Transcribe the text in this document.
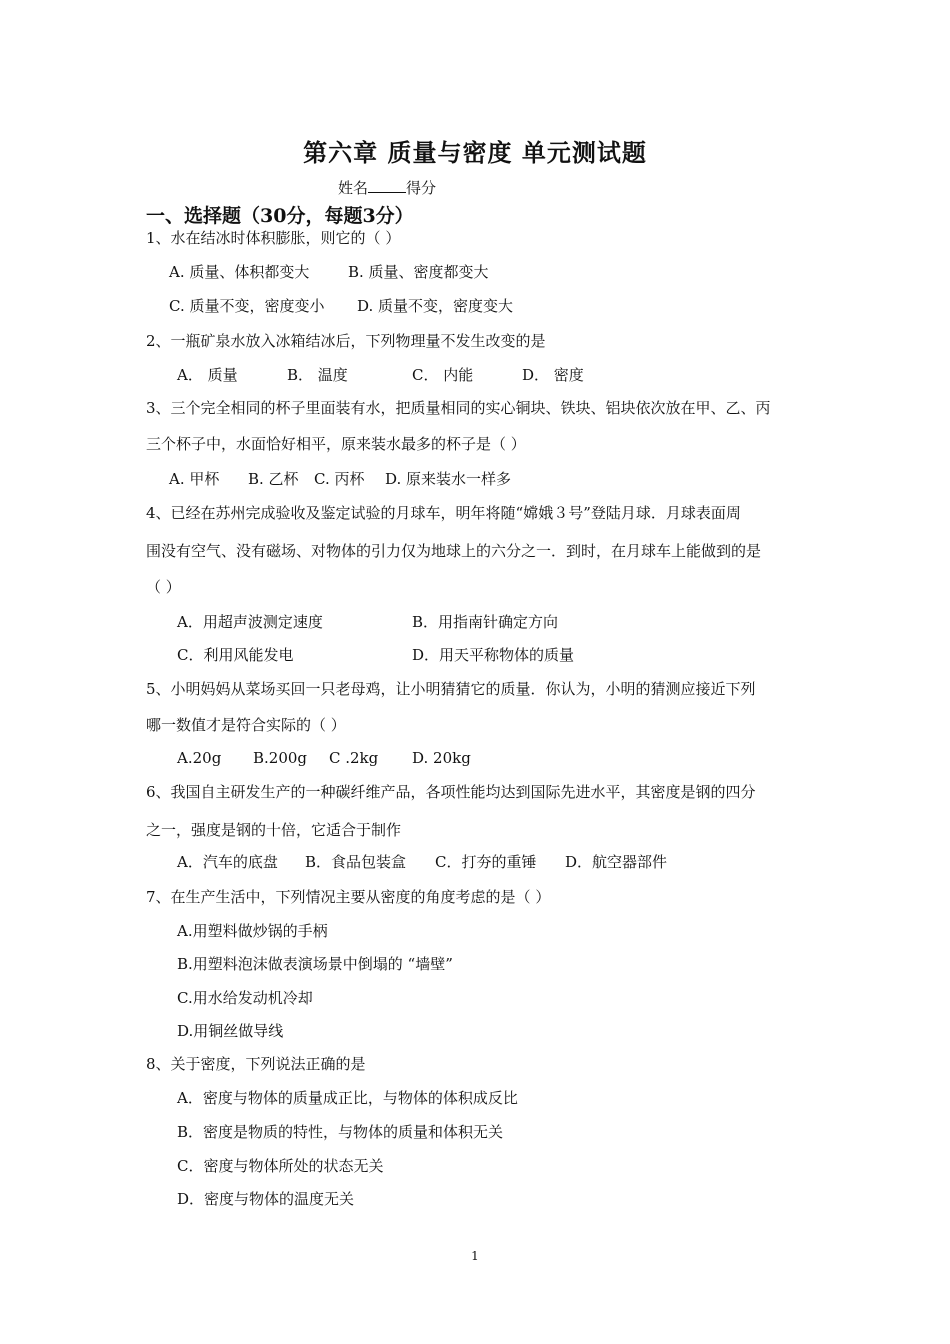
第六章 质量与密度 单元测试题
姓名	得分
一、选择题（30分，每题3分）
1、水在结冰时体积膨胀，则它的（ ）
A. 质量、体积都变大	B. 质量、密度都变大
C. 质量不变，密度变小 D. 质量不变，密度变大
2、一瓶矿泉水放入冰箱结冰后，下列物理量不发生改变的是
A． 质量	B． 温度	C． 内能	D． 密度
3、三个完全相同的杯子里面装有水，把质量相同的实心铜块、铁块、铝块依次放在甲、乙、丙
三个杯子中，水面恰好相平，原来装水最多的杯子是（ ）
A. 甲杯 B. 乙杯 C. 丙杯 D. 原来装水一样多
4、已经在苏州完成验收及鉴定试验的月球车，明年将随“嫦娥３号”登陆月球．月球表面周
围没有空气、没有磁场、对物体的引力仅为地球上的六分之一．到时，在月球车上能做到的是
（ ）
A．用超声波测定速度	B．用指南针确定方向
C．利用风能发电	D．用天平称物体的质量
5、小明妈妈从菜场买回一只老母鸡，让小明猜猜它的质量．你认为，小明的猜测应接近下列
哪一数值才是符合实际的（ ）
A.20g B.200g C .2kg D. 20kg
6、我国自主研发生产的一种碳纤维产品，各项性能均达到国际先进水平，其密度是钢的四分
之一，强度是钢的十倍，它适合于制作
A．汽车的底盘 B．食品包装盒 C．打夯的重锤 D．航空器部件
7、在生产生活中，下列情况主要从密度的角度考虑的是（ ）
A.用塑料做炒锅的手柄
B.用塑料泡沫做表演场景中倒塌的 “墙壁”
C.用水给发动机冷却
D.用铜丝做导线
8、关于密度，下列说法正确的是
A．密度与物体的质量成正比，与物体的体积成反比
B．密度是物质的特性，与物体的质量和体积无关
C．密度与物体所处的状态无关
D．密度与物体的温度无关
1
